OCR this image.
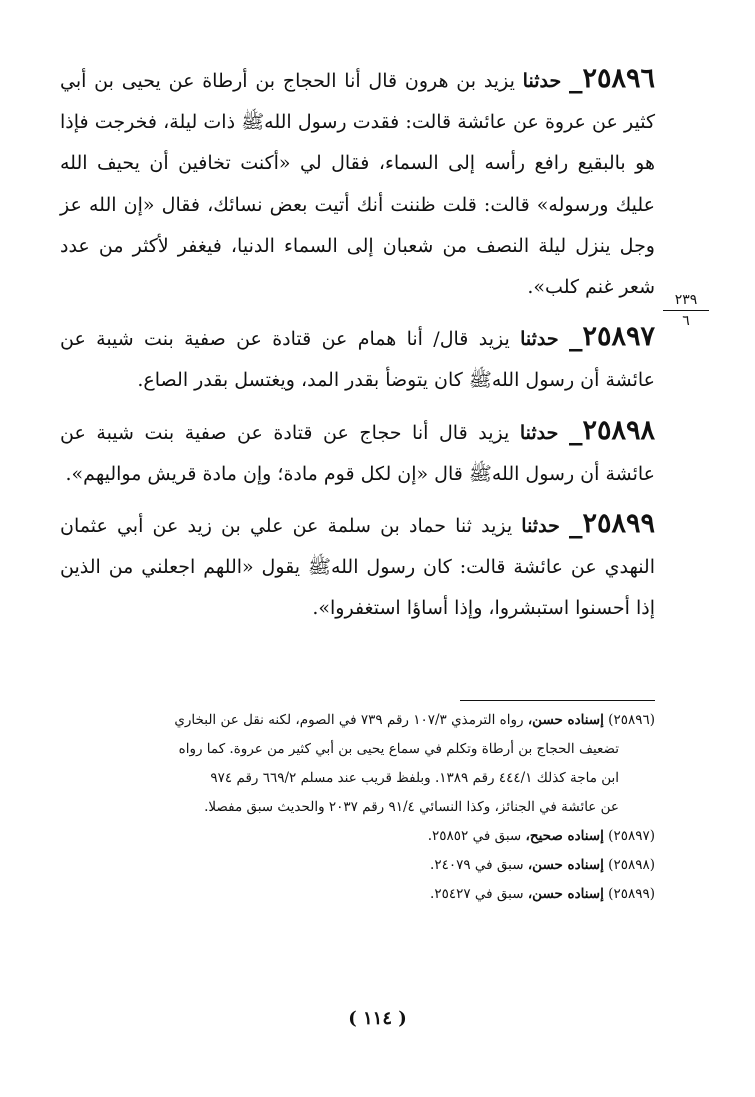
٢٥٨٩٦_ حدثنا يزيد بن هرون قال أنا الحجاج بن أرطاة عن يحيى بن أبي كثير عن عروة عن عائشة قالت: فقدت رسول اللهﷺ ذات ليلة، فخرجت فإذا هو بالبقيع رافع رأسه إلى السماء، فقال لي «أكنت تخافين أن يحيف الله عليك ورسوله» قالت: قلت ظننت أنك أتيت بعض نسائك، فقال «إن الله عز وجل ينزل ليلة النصف من شعبان إلى السماء الدنيا، فيغفر لأكثر من عدد شعر غنم كلب».

٢٥٨٩٧_ حدثنا يزيد قال/ أنا همام عن قتادة عن صفية بنت شيبة عن عائشة أن رسول اللهﷺ كان يتوضأ بقدر المد، ويغتسل بقدر الصاع.

٢٥٨٩٨_ حدثنا يزيد قال أنا حجاج عن قتادة عن صفية بنت شيبة عن عائشة أن رسول اللهﷺ قال «إن لكل قوم مادة؛ وإن مادة قريش مواليهم».

٢٥٨٩٩_ حدثنا يزيد ثنا حماد بن سلمة عن علي بن زيد عن أبي عثمان النهدي عن عائشة قالت: كان رسول اللهﷺ يقول «اللهم اجعلني من الذين إذا أحسنوا استبشروا، وإذا أساؤا استغفروا».

٢٣٩
٦

(٢٥٨٩٦) إسناده حسن، رواه الترمذي ١٠٧/٣ رقم ٧٣٩ في الصوم، لكنه نقل عن البخاري

تضعيف الحجاج بن أرطاة وتكلم في سماع يحيى بن أبي كثير من عروة. كما رواه

ابن ماجة كذلك ٤٤٤/١ رقم ١٣٨٩. وبلفظ قريب عند مسلم ٦٦٩/٢ رقم ٩٧٤

عن عائشة في الجنائز، وكذا النسائي ٩١/٤ رقم ٢٠٣٧ والحديث سبق مفصلا.

(٢٥٨٩٧) إسناده صحيح، سبق في ٢٥٨٥٢.

(٢٥٨٩٨) إسناده حسن، سبق في ٢٤٠٧٩.

(٢٥٨٩٩) إسناده حسن، سبق في ٢٥٤٢٧.

( ١١٤ )
